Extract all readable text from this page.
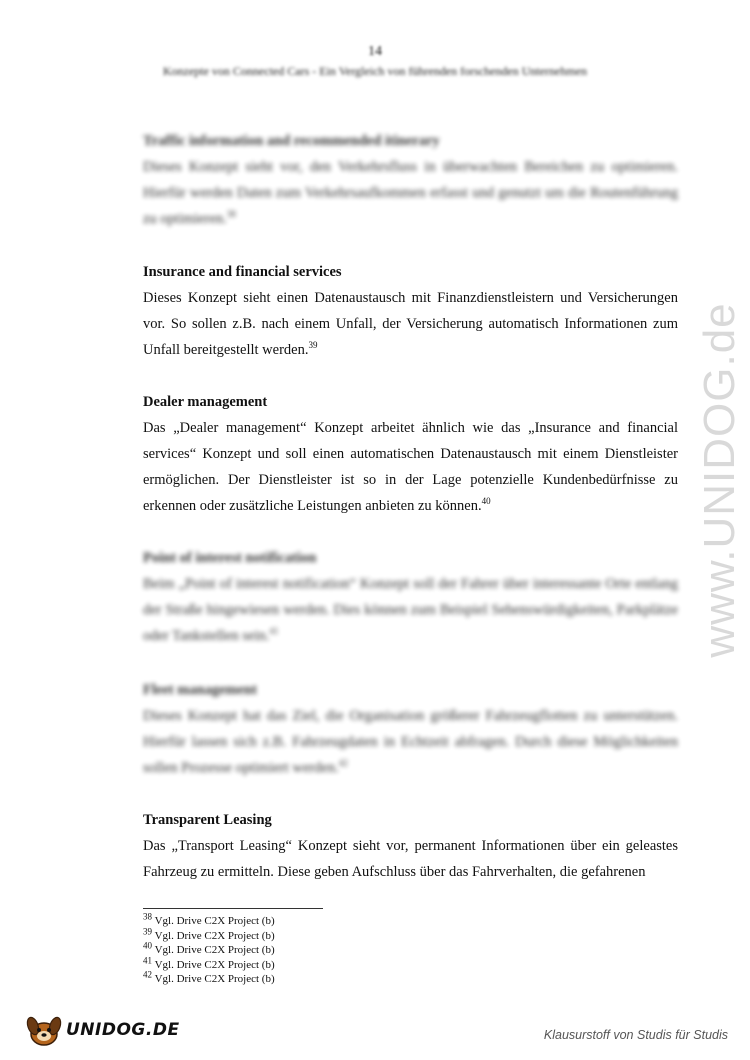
14
Konzepte von Connected Cars - Ein Vergleich von führenden forschenden Unternehmen
Traffic information and recommended itinerary

Dieses Konzept sieht vor, den Verkehrsfluss in überwachten Bereichen zu optimieren. Hierfür werden Daten zum Verkehrsaufkommen erfasst und genutzt um die Routenführung zu optimieren.$^{38}$

Insurance and financial services

Dieses Konzept sieht einen Datenaustausch mit Finanzdienstleistern und Versicherungen vor. So sollen z.B. nach einem Unfall, der Versicherung automatisch Informationen zum Unfall bereitgestellt werden.$^{39}$

Dealer management

Das „Dealer management“ Konzept arbeitet ähnlich wie das „Insurance and financial services“ Konzept und soll einen automatischen Datenaustausch mit einem Dienstleister ermöglichen. Der Dienstleister ist so in der Lage potenzielle Kundenbedürfnisse zu erkennen oder zusätzliche Leistungen anbieten zu können.$^{40}$

Point of interest notification

Beim „Point of interest notification“ Konzept soll der Fahrer über interessante Orte entlang der Straße hingewiesen werden. Dies können zum Beispiel Sehenswürdigkeiten, Parkplätze oder Tankstellen sein.$^{41}$

Fleet management

Dieses Konzept hat das Ziel, die Organisation größerer Fahrzeugflotten zu unterstützen. Hierfür lassen sich z.B. Fahrzeugdaten in Echtzeit abfragen. Durch diese Möglichkeiten sollen Prozesse optimiert werden.$^{42}$

Transparent Leasing

Das „Transport Leasing“ Konzept sieht vor, permanent Informationen über ein geleastes Fahrzeug zu ermitteln. Diese geben Aufschluss über das Fahrverhalten, die gefahrenen

www.UNIDOG.de
$^{38}$ Vgl. Drive C2X Project (b)
$^{39}$ Vgl. Drive C2X Project (b)
$^{40}$ Vgl. Drive C2X Project (b)
$^{41}$ Vgl. Drive C2X Project (b)
$^{42}$ Vgl. Drive C2X Project (b)
UNIDOG.DE	Klausurstoff von Studis für Studis
